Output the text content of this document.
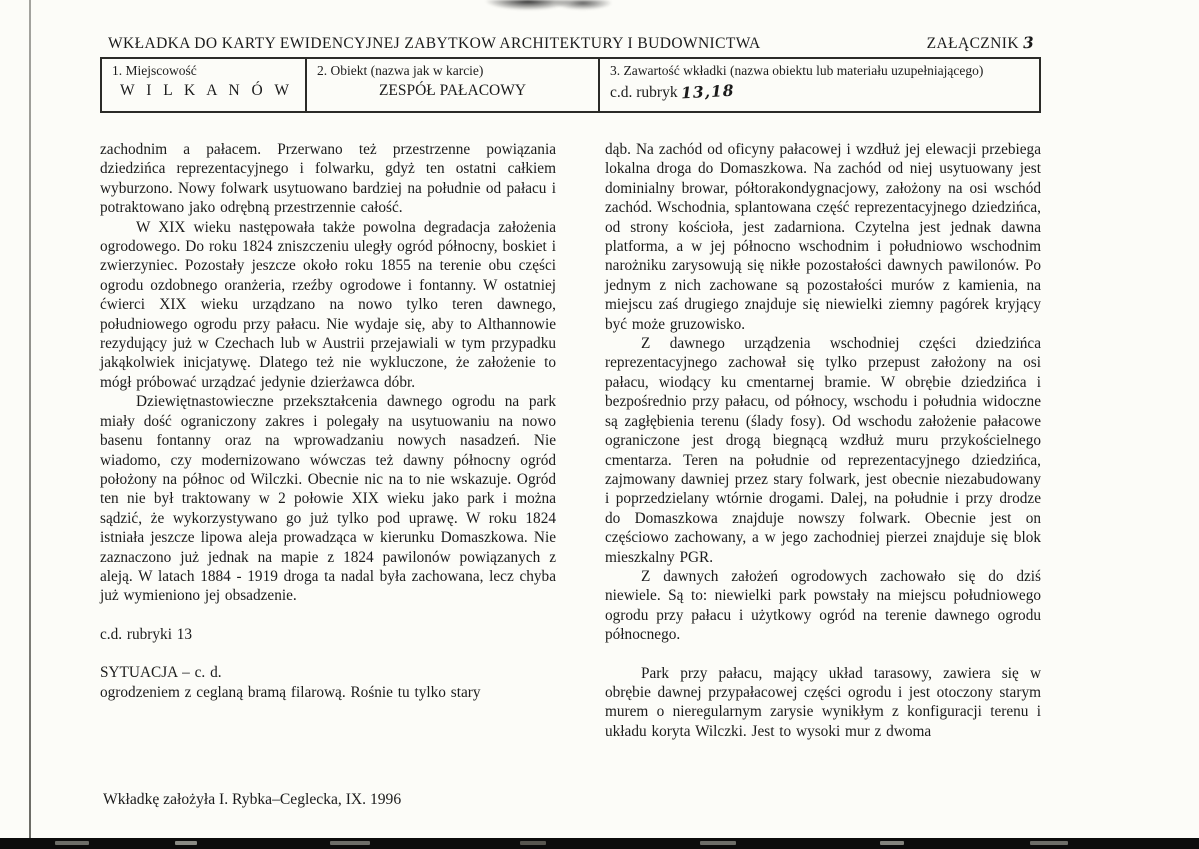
WKŁADKA DO KARTY EWIDENCYJNEJ ZABYTKOW ARCHITEKTURY I BUDOWNICTWA	ZAŁĄCZNIK 3
1. Miejscowość
W I L K A N Ó W
2. Obiekt (nazwa jak w karcie)
ZESPÓŁ PAŁACOWY
3. Zawartość wkładki (nazwa obiektu lub materiału uzupełniającego)
c.d. rubryk 13,18

zachodnim a pałacem. Przerwano też przestrzenne powiązania dziedzińca reprezentacyjnego i folwarku, gdyż ten ostatni całkiem wyburzono. Nowy folwark usytuowano bardziej na południe od pałacu i potraktowano jako odrębną przestrzennie całość.

W XIX wieku następowała także powolna degradacja założenia ogrodowego. Do roku 1824 zniszczeniu uległy ogród północny, boskiet i zwierzyniec. Pozostały jeszcze około roku 1855 na terenie obu części ogrodu ozdobnego oranżeria, rzeźby ogrodowe i fontanny. W ostatniej ćwierci XIX wieku urządzano na nowo tylko teren dawnego, południowego ogrodu przy pałacu. Nie wydaje się, aby to Althannowie rezydujący już w Czechach lub w Austrii przejawiali w tym przypadku jakąkolwiek inicjatywę. Dlatego też nie wykluczone, że założenie to mógł próbować urządzać jedynie dzierżawca dóbr.

Dziewiętnastowieczne przekształcenia dawnego ogrodu na park miały dość ograniczony zakres i polegały na usytuowaniu na nowo basenu fontanny oraz na wprowadzaniu nowych nasadzeń. Nie wiadomo, czy modernizowano wówczas też dawny północny ogród położony na północ od Wilczki. Obecnie nic na to nie wskazuje. Ogród ten nie był traktowany w 2 połowie XIX wieku jako park i można sądzić, że wykorzystywano go już tylko pod uprawę. W roku 1824 istniała jeszcze lipowa aleja prowadząca w kierunku Domaszkowa. Nie zaznaczono już jednak na mapie z 1824 pawilonów powiązanych z aleją. W latach 1884 - 1919 droga ta nadal była zachowana, lecz chyba już wymieniono jej obsadzenie.

c.d. rubryki 13

SYTUACJA – c. d.

ogrodzeniem z ceglaną bramą filarową. Rośnie tu tylko stary

dąb. Na zachód od oficyny pałacowej i wzdłuż jej elewacji przebiega lokalna droga do Domaszkowa. Na zachód od niej usytuowany jest dominialny browar, półtorakondygnacjowy, założony na osi wschód zachód. Wschodnia, splantowana część reprezentacyjnego dziedzińca, od strony kościoła, jest zadarniona. Czytelna jest jednak dawna platforma, a w jej północno wschodnim i południowo wschodnim narożniku zarysowują się nikłe pozostałości dawnych pawilonów. Po jednym z nich zachowane są pozostałości murów z kamienia, na miejscu zaś drugiego znajduje się niewielki ziemny pagórek kryjący być może gruzowisko.

Z dawnego urządzenia wschodniej części dziedzińca reprezentacyjnego zachował się tylko przepust założony na osi pałacu, wiodący ku cmentarnej bramie. W obrębie dziedzińca i bezpośrednio przy pałacu, od północy, wschodu i południa widoczne są zagłębienia terenu (ślady fosy). Od wschodu założenie pałacowe ograniczone jest drogą biegnącą wzdłuż muru przykościelnego cmentarza. Teren na południe od reprezentacyjnego dziedzińca, zajmowany dawniej przez stary folwark, jest obecnie niezabudowany i poprzedzielany wtórnie drogami. Dalej, na południe i przy drodze do Domaszkowa znajduje nowszy folwark. Obecnie jest on częściowo zachowany, a w jego zachodniej pierzei znajduje się blok mieszkalny PGR.

Z dawnych założeń ogrodowych zachowało się do dziś niewiele. Są to: niewielki park powstały na miejscu południowego ogrodu przy pałacu i użytkowy ogród na terenie dawnego ogrodu północnego.

Park przy pałacu, mający układ tarasowy, zawiera się w obrębie dawnej przypałacowej części ogrodu i jest otoczony starym murem o nieregularnym zarysie wynikłym z konfiguracji terenu i układu koryta Wilczki. Jest to wysoki mur z dwoma

Wkładkę założyła I. Rybka–Ceglecka, IX. 1996
